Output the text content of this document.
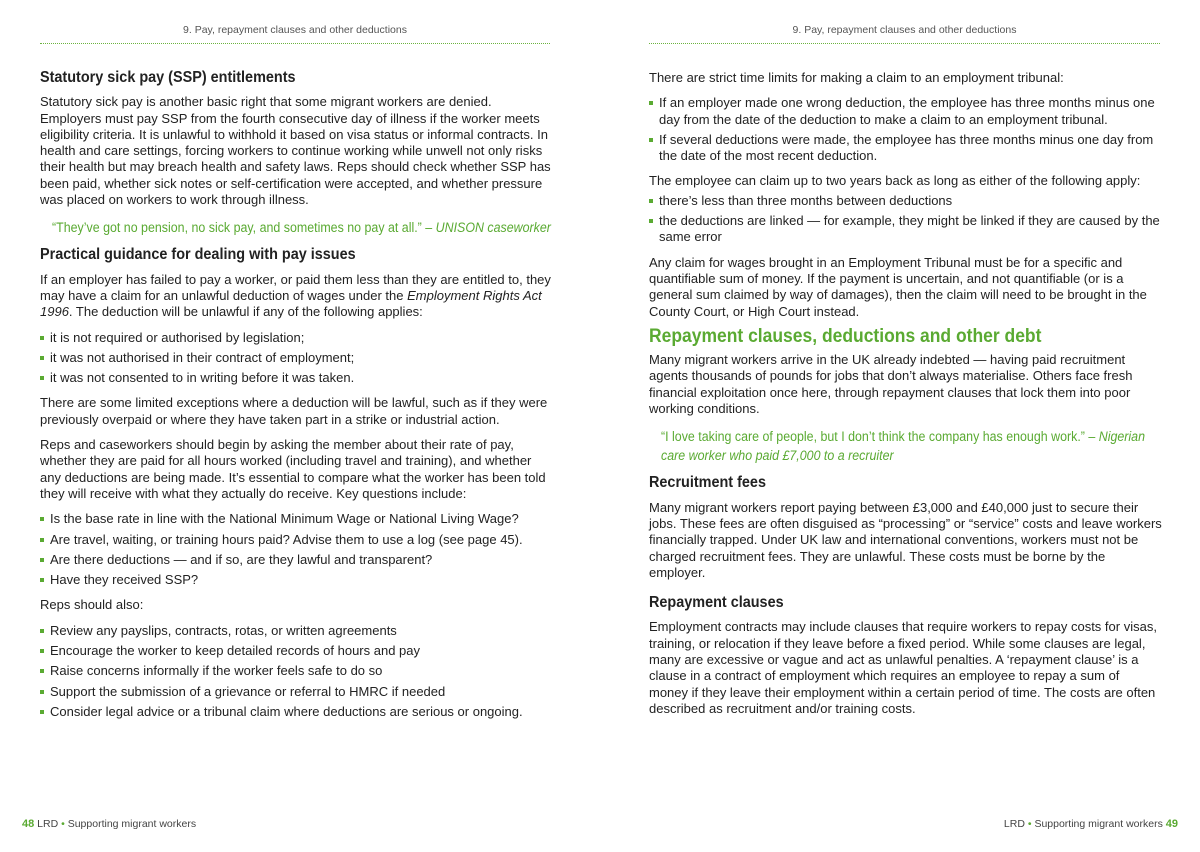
9. Pay, repayment clauses and other deductions
Statutory sick pay (SSP) entitlements

Statutory sick pay is another basic right that some migrant workers are denied. Employers must pay SSP from the fourth consecutive day of illness if the worker meets eligibility criteria. It is unlawful to withhold it based on visa status or informal contracts. In health and care settings, forcing workers to continue working while unwell not only risks their health but may breach health and safety laws. Reps should check whether SSP has been paid, whether sick notes or self-certification were accepted, and whether pressure was placed on workers to work through illness.

“They’ve got no pension, no sick pay, and sometimes no pay at all.” – UNISON caseworker
Practical guidance for dealing with pay issues

If an employer has failed to pay a worker, or paid them less than they are entitled to, they may have a claim for an unlawful deduction of wages under the Employment Rights Act 1996. The deduction will be unlawful if any of the following applies:

it is not required or authorised by legislation;
it was not authorised in their contract of employment;
it was not consented to in writing before it was taken.

There are some limited exceptions where a deduction will be lawful, such as if they were previously overpaid or where they have taken part in a strike or industrial action.

Reps and caseworkers should begin by asking the member about their rate of pay, whether they are paid for all hours worked (including travel and training), and whether any deductions are being made. It’s essential to compare what the worker has been told they will receive with what they actually do receive. Key questions include:

Is the base rate in line with the National Minimum Wage or National Living Wage?
Are travel, waiting, or training hours paid? Advise them to use a log (see page 45).
Are there deductions — and if so, are they lawful and transparent?
Have they received SSP?

Reps should also:

Review any payslips, contracts, rotas, or written agreements
Encourage the worker to keep detailed records of hours and pay
Raise concerns informally if the worker feels safe to do so
Support the submission of a grievance or referral to HMRC if needed
Consider legal advice or a tribunal claim where deductions are serious or ongoing.
48 LRD • Supporting migrant workers
9. Pay, repayment clauses and other deductions

There are strict time limits for making a claim to an employment tribunal:

If an employer made one wrong deduction, the employee has three months minus one day from the date of the deduction to make a claim to an employment tribunal.
If several deductions were made, the employee has three months minus one day from the date of the most recent deduction.

The employee can claim up to two years back as long as either of the following apply:

there’s less than three months between deductions
the deductions are linked — for example, they might be linked if they are caused by the same error

Any claim for wages brought in an Employment Tribunal must be for a specific and quantifiable sum of money. If the payment is uncertain, and not quantifiable (or is a general sum claimed by way of damages), then the claim will need to be brought in the County Court, or High Court instead.

Repayment clauses, deductions and other debt

Many migrant workers arrive in the UK already indebted — having paid recruitment agents thousands of pounds for jobs that don’t always materialise. Others face fresh financial exploitation once here, through repayment clauses that lock them into poor working conditions.

“I love taking care of people, but I don’t think the company has enough work.” – Nigerian care worker who paid £7,000 to a recruiter
Recruitment fees

Many migrant workers report paying between £3,000 and £40,000 just to secure their jobs. These fees are often disguised as “processing” or “service” costs and leave workers financially trapped. Under UK law and international conventions, workers must not be charged recruitment fees. They are unlawful. These costs must be borne by the employer.

Repayment clauses

Employment contracts may include clauses that require workers to repay costs for visas, training, or relocation if they leave before a fixed period. While some clauses are legal, many are excessive or vague and act as unlawful penalties. A ‘repayment clause’ is a clause in a contract of employment which requires an employee to repay a sum of money if they leave their employment within a certain period of time. The costs are often described as recruitment and/or training costs.

LRD • Supporting migrant workers 49
